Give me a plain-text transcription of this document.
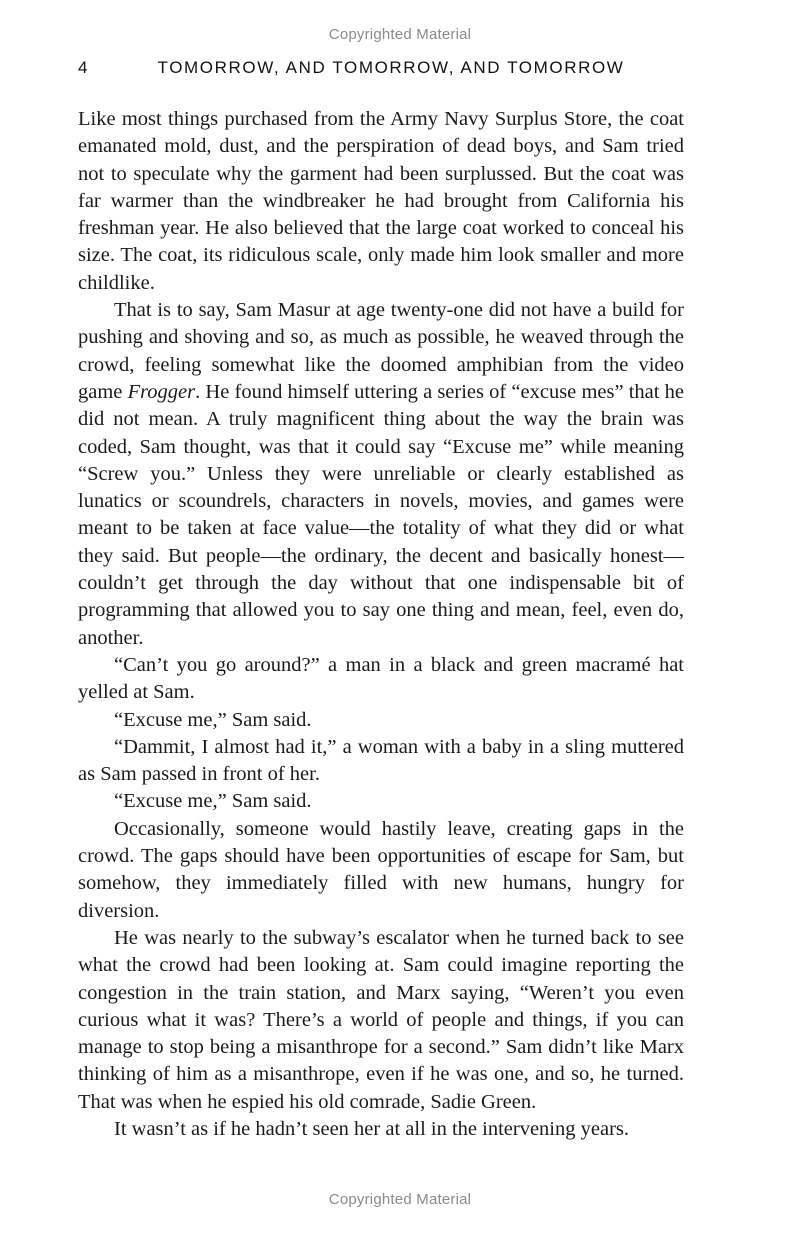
Copyrighted Material
4	TOMORROW, AND TOMORROW, AND TOMORROW

Like most things purchased from the Army Navy Surplus Store, the coat emanated mold, dust, and the perspiration of dead boys, and Sam tried not to speculate why the garment had been surplussed. But the coat was far warmer than the windbreaker he had brought from California his freshman year. He also believed that the large coat worked to conceal his size. The coat, its ridiculous scale, only made him look smaller and more childlike.

That is to say, Sam Masur at age twenty-one did not have a build for pushing and shoving and so, as much as possible, he weaved through the crowd, feeling somewhat like the doomed amphibian from the video game Frogger. He found himself uttering a series of “excuse mes” that he did not mean. A truly magnificent thing about the way the brain was coded, Sam thought, was that it could say “Excuse me” while meaning “Screw you.” Unless they were unreliable or clearly established as lunatics or scoundrels, characters in novels, movies, and games were meant to be taken at face value—the totality of what they did or what they said. But people—the ordinary, the decent and basically honest—couldn’t get through the day without that one indispensable bit of programming that allowed you to say one thing and mean, feel, even do, another.

“Can’t you go around?” a man in a black and green macramé hat yelled at Sam.

“Excuse me,” Sam said.

“Dammit, I almost had it,” a woman with a baby in a sling muttered as Sam passed in front of her.

“Excuse me,” Sam said.

Occasionally, someone would hastily leave, creating gaps in the crowd. The gaps should have been opportunities of escape for Sam, but somehow, they immediately filled with new humans, hungry for diversion.

He was nearly to the subway’s escalator when he turned back to see what the crowd had been looking at. Sam could imagine reporting the congestion in the train station, and Marx saying, “Weren’t you even curious what it was? There’s a world of people and things, if you can manage to stop being a misanthrope for a second.” Sam didn’t like Marx thinking of him as a misanthrope, even if he was one, and so, he turned. That was when he espied his old comrade, Sadie Green.

It wasn’t as if he hadn’t seen her at all in the intervening years.

Copyrighted Material
